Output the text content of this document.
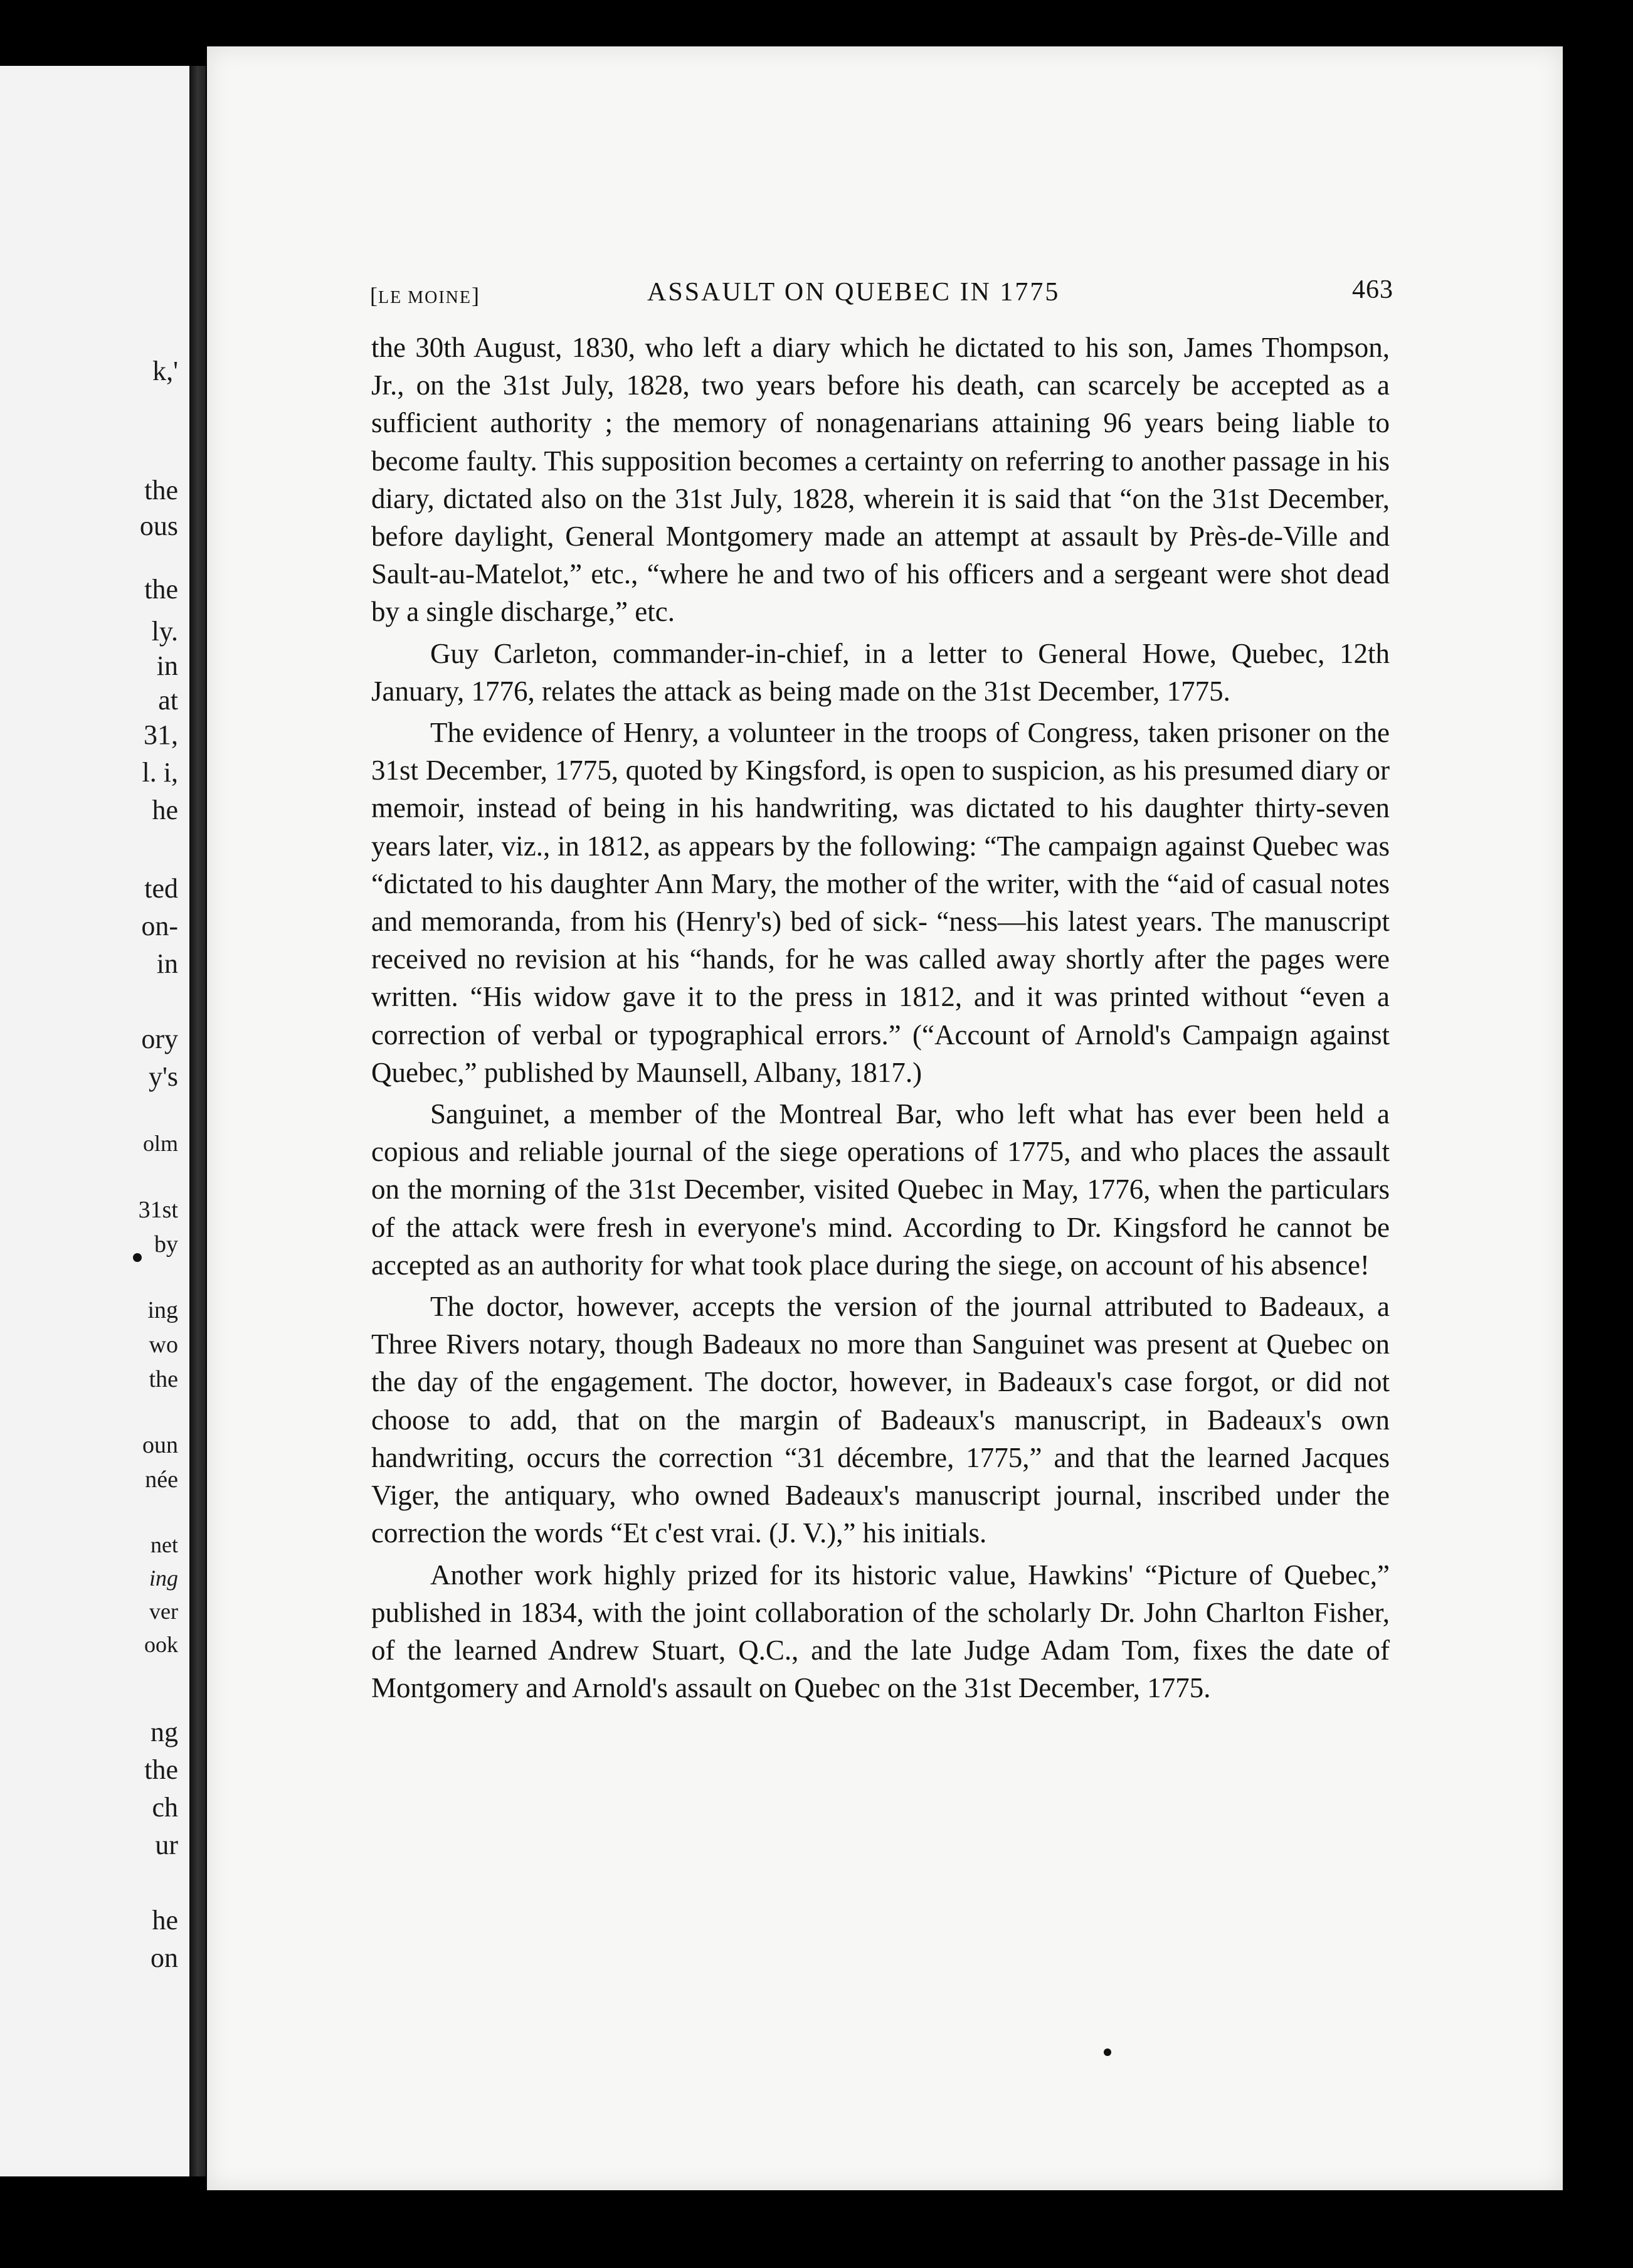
k,'
the
ous
the
ly.
in
at
31,
l. i,
he
ted
on-
in
ory
y's
olm
31st
by
ing
wo
the
oun
née
net
ing
ver
ook
ng
the
ch
ur
he
on
[LE MOINE]	ASSAULT ON QUEBEC IN 1775	463

the 30th August, 1830, who left a diary which he dictated to his son, James Thompson, Jr., on the 31st July, 1828, two years before his death, can scarcely be accepted as a sufficient authority ; the memory of nonagenarians attaining 96 years being liable to become faulty. This supposition becomes a certainty on referring to another passage in his diary, dictated also on the 31st July, 1828, wherein it is said that “on the 31st December, before daylight, General Montgomery made an attempt at assault by Près-de-Ville and Sault-au-Matelot,” etc., “where he and two of his officers and a sergeant were shot dead by a single discharge,” etc.

Guy Carleton, commander-in-chief, in a letter to General Howe, Quebec, 12th January, 1776, relates the attack as being made on the 31st December, 1775.

The evidence of Henry, a volunteer in the troops of Congress, taken prisoner on the 31st December, 1775, quoted by Kingsford, is open to suspicion, as his presumed diary or memoir, instead of being in his handwriting, was dictated to his daughter thirty-seven years later, viz., in 1812, as appears by the following: “The campaign against Quebec was “dictated to his daughter Ann Mary, the mother of the writer, with the “aid of casual notes and memoranda, from his (Henry's) bed of sick- “ness—his latest years. The manuscript received no revision at his “hands, for he was called away shortly after the pages were written. “His widow gave it to the press in 1812, and it was printed without “even a correction of verbal or typographical errors.” (“Account of Arnold's Campaign against Quebec,” published by Maunsell, Albany, 1817.)

Sanguinet, a member of the Montreal Bar, who left what has ever been held a copious and reliable journal of the siege operations of 1775, and who places the assault on the morning of the 31st December, visited Quebec in May, 1776, when the particulars of the attack were fresh in everyone's mind. According to Dr. Kingsford he cannot be accepted as an authority for what took place during the siege, on account of his absence!

The doctor, however, accepts the version of the journal attributed to Badeaux, a Three Rivers notary, though Badeaux no more than Sanguinet was present at Quebec on the day of the engagement. The doctor, however, in Badeaux's case forgot, or did not choose to add, that on the margin of Badeaux's manuscript, in Badeaux's own handwriting, occurs the correction “31 décembre, 1775,” and that the learned Jacques Viger, the antiquary, who owned Badeaux's manuscript journal, inscribed under the correction the words “Et c'est vrai. (J. V.),” his initials.

Another work highly prized for its historic value, Hawkins' “Picture of Quebec,” published in 1834, with the joint collaboration of the scholarly Dr. John Charlton Fisher, of the learned Andrew Stuart, Q.C., and the late Judge Adam Tom, fixes the date of Montgomery and Arnold's assault on Quebec on the 31st December, 1775.
